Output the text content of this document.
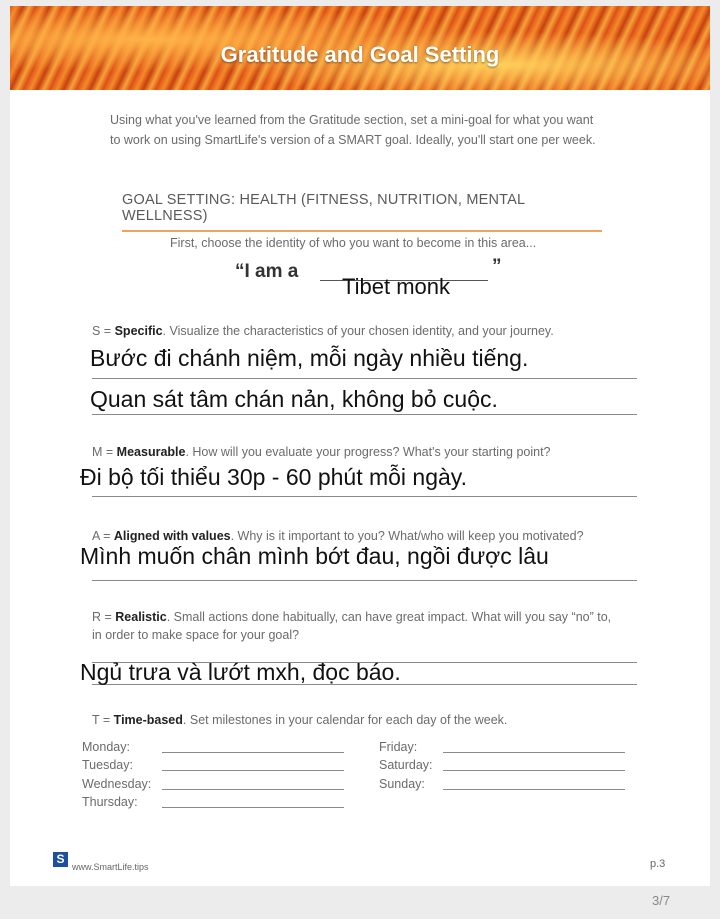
Gratitude and Goal Setting
Using what you've learned from the Gratitude section, set a mini-goal for what you want
to work on using SmartLife's version of a SMART goal. Ideally, you'll start one per week.
GOAL SETTING: HEALTH (FITNESS, NUTRITION, MENTAL WELLNESS)
First, choose the identity of who you want to become in this area...
“I am a	”
Tibet monk
S = Specific. Visualize the characteristics of your chosen identity, and your journey.
Bước đi chánh niệm, mỗi ngày nhiều tiếng.
Quan sát tâm chán nản, không bỏ cuộc.
M = Measurable. How will you evaluate your progress? What's your starting point?
Đi bộ tối thiểu 30p - 60 phút mỗi ngày.
A = Aligned with values. Why is it important to you? What/who will keep you motivated?
Mình muốn chân mình bớt đau, ngồi được lâu
R = Realistic. Small actions done habitually, can have great impact. What will you say “no” to,
in order to make space for your goal?
Ngủ trưa và lướt mxh, đọc báo.
T = Time-based. Set milestones in your calendar for each day of the week.
Monday:
Tuesday:
Wednesday:
Thursday:
Friday:
Saturday:
Sunday:
S
www.SmartLife.tips	p.3
3/7
